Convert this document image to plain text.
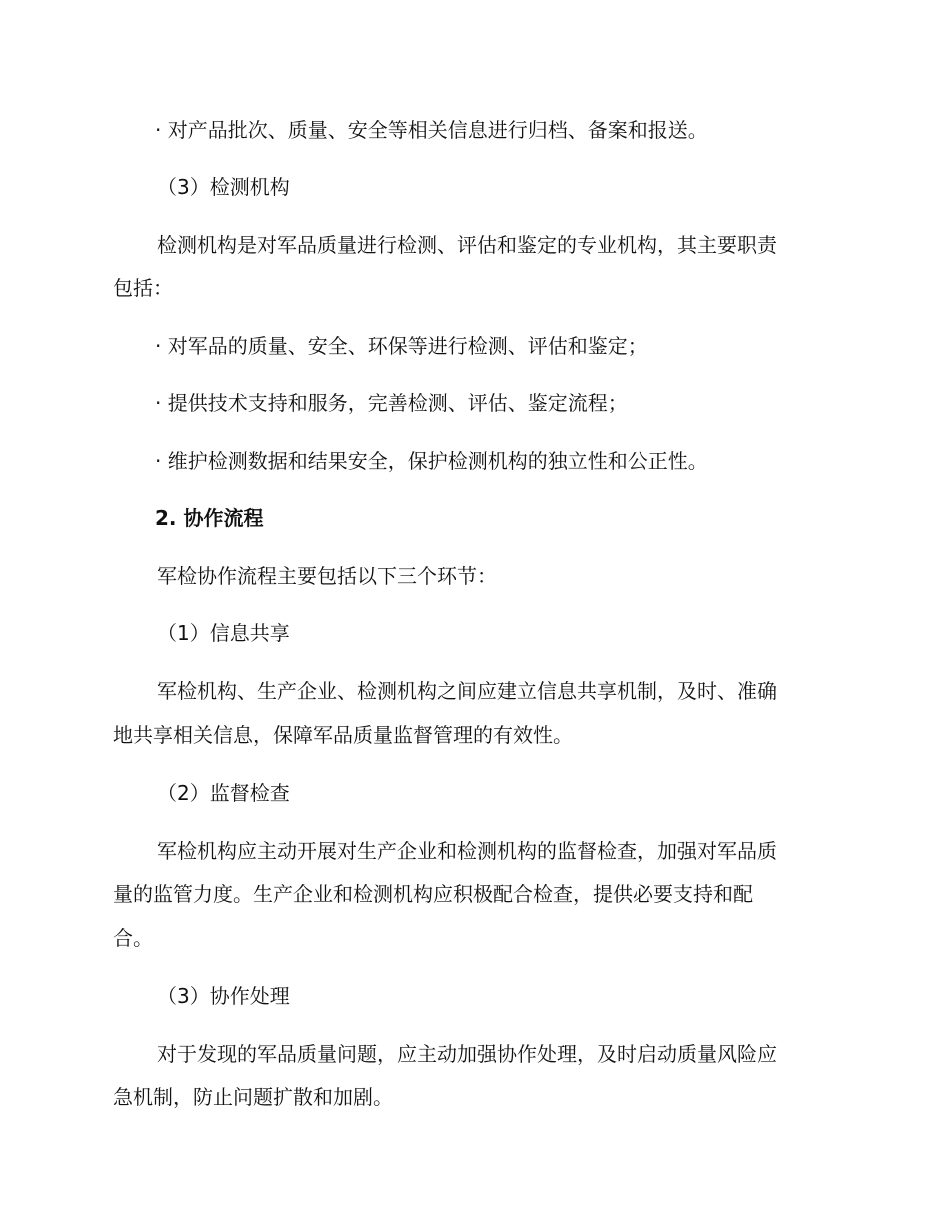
· 对产品批次、质量、安全等相关信息进行归档、备案和报送。
（3）检测机构
检测机构是对军品质量进行检测、评估和鉴定的专业机构，其主要职责
包括：
· 对军品的质量、安全、环保等进行检测、评估和鉴定；
· 提供技术支持和服务，完善检测、评估、鉴定流程；
· 维护检测数据和结果安全，保护检测机构的独立性和公正性。
2. 协作流程
军检协作流程主要包括以下三个环节：
（1）信息共享
军检机构、生产企业、检测机构之间应建立信息共享机制，及时、准确
地共享相关信息，保障军品质量监督管理的有效性。
（2）监督检查
军检机构应主动开展对生产企业和检测机构的监督检查，加强对军品质
量的监管力度。生产企业和检测机构应积极配合检查，提供必要支持和配
合。
（3）协作处理
对于发现的军品质量问题，应主动加强协作处理，及时启动质量风险应
急机制，防止问题扩散和加剧。
